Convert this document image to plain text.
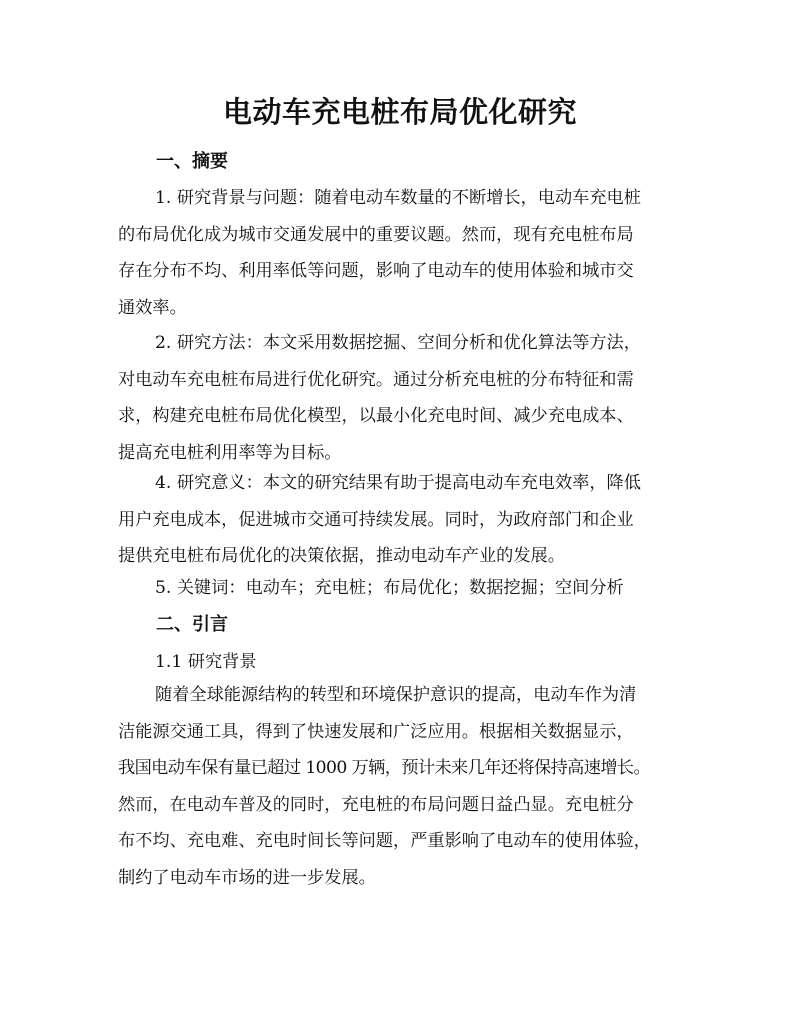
电动车充电桩布局优化研究
一、摘要
1. 研究背景与问题：随着电动车数量的不断增长，电动车充电桩
的布局优化成为城市交通发展中的重要议题。然而，现有充电桩布局
存在分布不均、利用率低等问题，影响了电动车的使用体验和城市交
通效率。
2. 研究方法：本文采用数据挖掘、空间分析和优化算法等方法，
对电动车充电桩布局进行优化研究。通过分析充电桩的分布特征和需
求，构建充电桩布局优化模型，以最小化充电时间、减少充电成本、
提高充电桩利用率等为目标。
4. 研究意义：本文的研究结果有助于提高电动车充电效率，降低
用户充电成本，促进城市交通可持续发展。同时，为政府部门和企业
提供充电桩布局优化的决策依据，推动电动车产业的发展。
5. 关键词：电动车；充电桩；布局优化；数据挖掘；空间分析
二、引言

1.1 研究背景

随着全球能源结构的转型和环境保护意识的提高，电动车作为清
洁能源交通工具，得到了快速发展和广泛应用。根据相关数据显示，
我国电动车保有量已超过 1000 万辆，预计未来几年还将保持高速增长。
然而，在电动车普及的同时，充电桩的布局问题日益凸显。充电桩分
布不均、充电难、充电时间长等问题，严重影响了电动车的使用体验，
制约了电动车市场的进一步发展。
